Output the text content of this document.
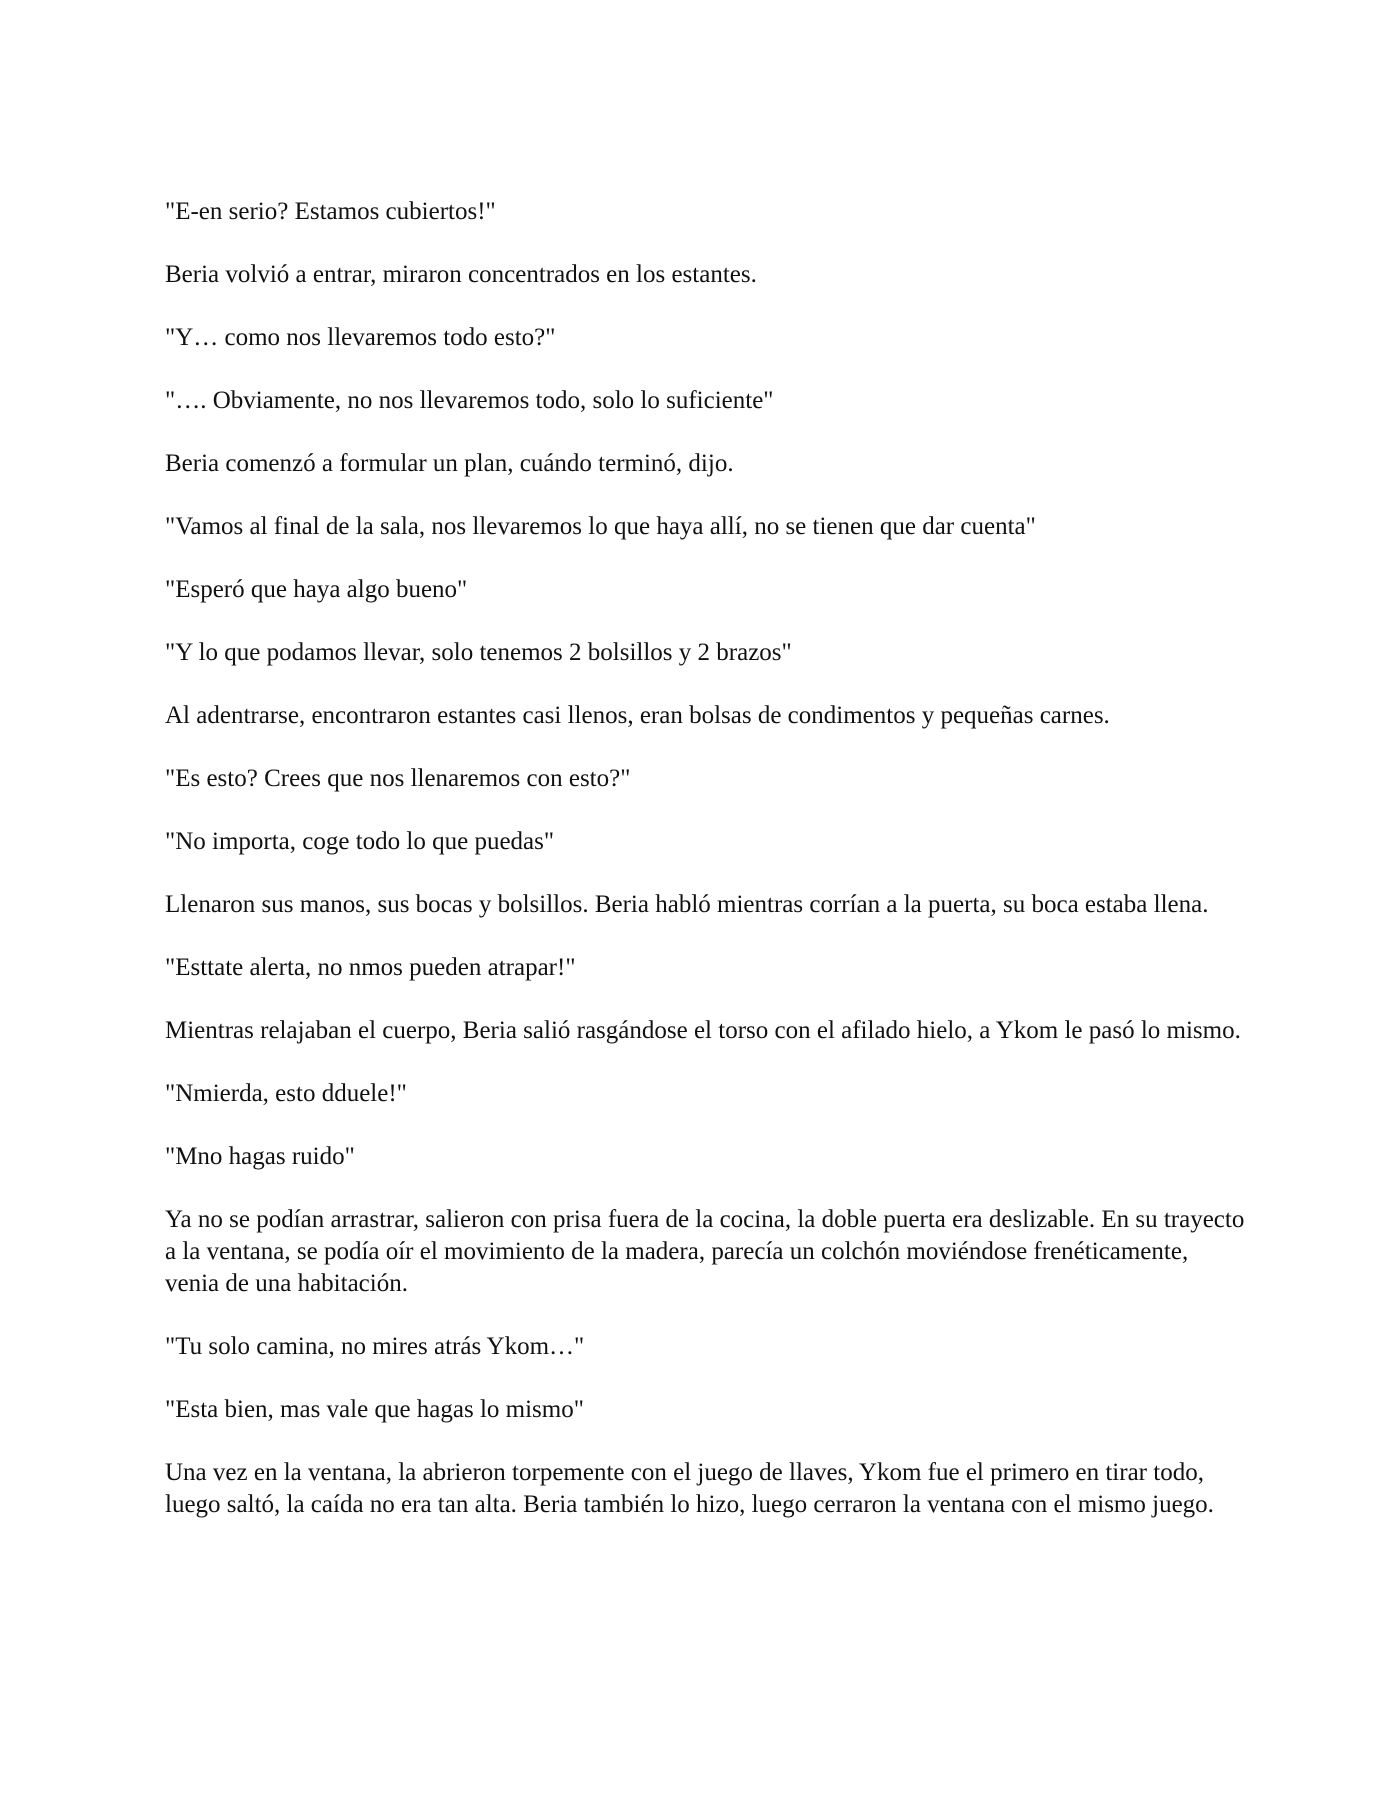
"E-en serio? Estamos cubiertos!"

Beria volvió a entrar, miraron concentrados en los estantes.

"Y… como nos llevaremos todo esto?"

"…. Obviamente, no nos llevaremos todo, solo lo suficiente"

Beria comenzó a formular un plan, cuándo terminó, dijo.

"Vamos al final de la sala, nos llevaremos lo que haya allí, no se tienen que dar cuenta"

"Esperó que haya algo bueno"

"Y lo que podamos llevar, solo tenemos 2 bolsillos y 2 brazos"

Al adentrarse, encontraron estantes casi llenos, eran bolsas de condimentos y pequeñas carnes.

"Es esto? Crees que nos llenaremos con esto?"

"No importa, coge todo lo que puedas"

Llenaron sus manos, sus bocas y bolsillos. Beria habló mientras corrían a la puerta, su boca estaba llena.

"Esttate alerta, no nmos pueden atrapar!"

Mientras relajaban el cuerpo, Beria salió rasgándose el torso con el afilado hielo, a Ykom le pasó lo mismo.

"Nmierda, esto dduele!"

"Mno hagas ruido"

Ya no se podían arrastrar, salieron con prisa fuera de la cocina, la doble puerta era deslizable. En su trayecto a la ventana, se podía oír el movimiento de la madera, parecía un colchón moviéndose frenéticamente, venia de una habitación.

"Tu solo camina, no mires atrás Ykom…"

"Esta bien, mas vale que hagas lo mismo"

Una vez en la ventana, la abrieron torpemente con el juego de llaves, Ykom fue el primero en tirar todo, luego saltó, la caída no era tan alta. Beria también lo hizo, luego cerraron la ventana con el mismo juego.
